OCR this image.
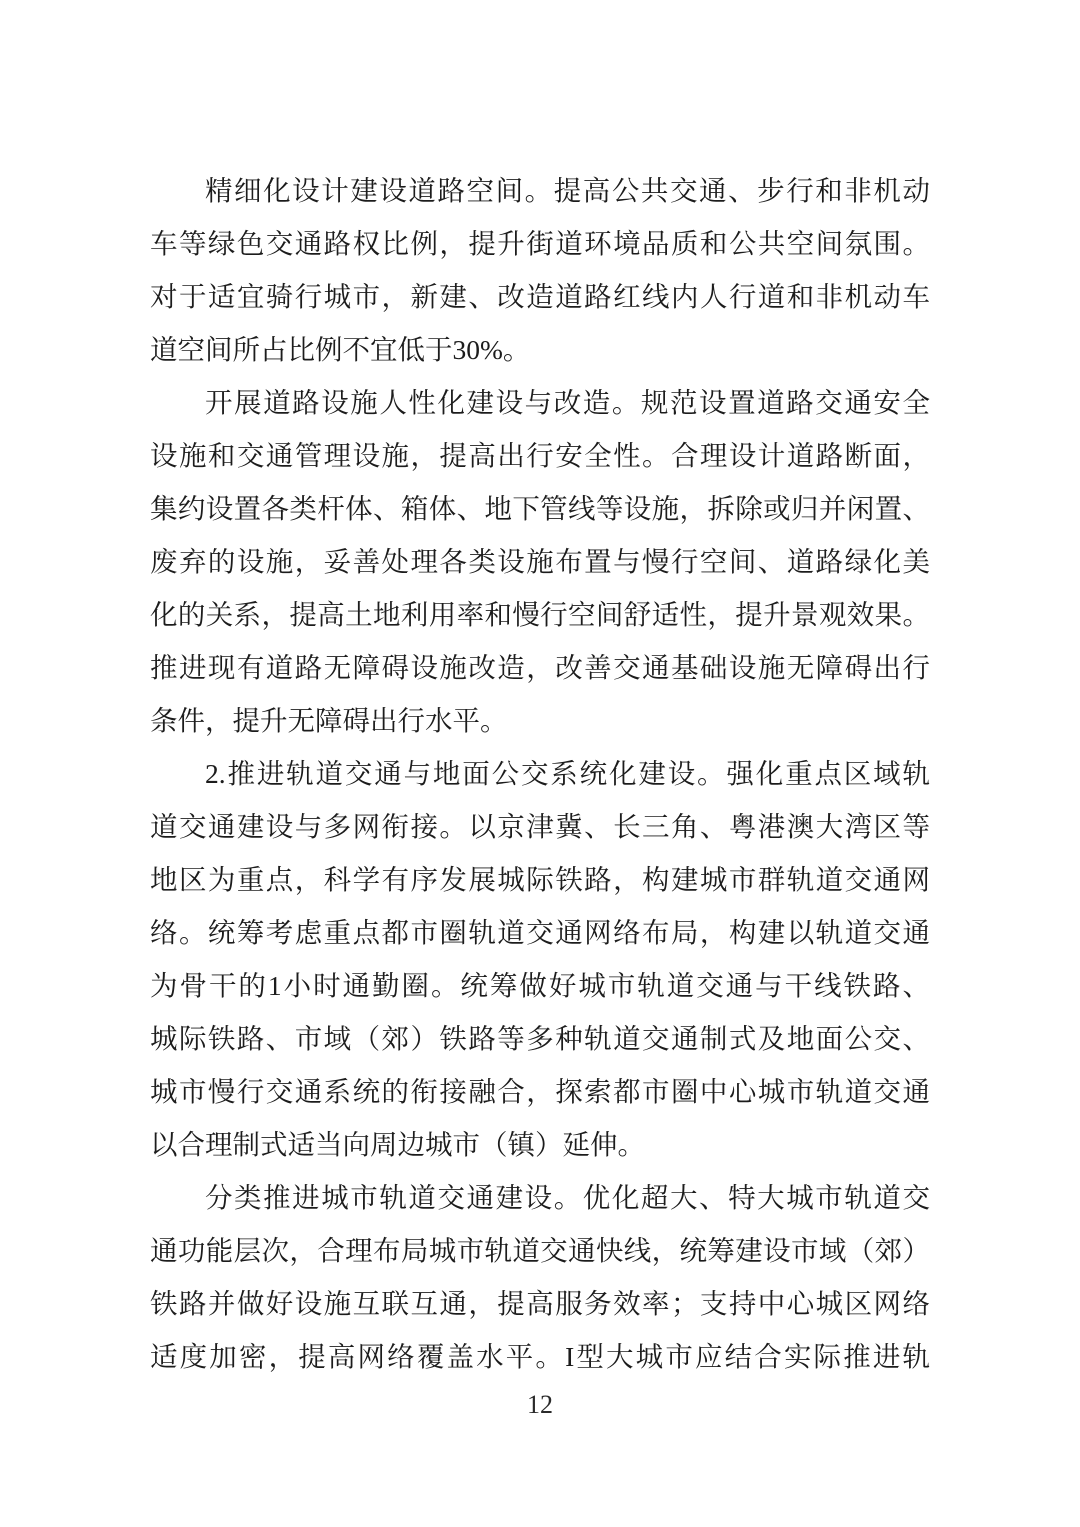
精细化设计建设道路空间。提高公共交通、步行和非机动
车等绿色交通路权比例，提升街道环境品质和公共空间氛围。
对于适宜骑行城市，新建、改造道路红线内人行道和非机动车
道空间所占比例不宜低于30%。
开展道路设施人性化建设与改造。规范设置道路交通安全
设施和交通管理设施，提高出行安全性。合理设计道路断面，
集约设置各类杆体、箱体、地下管线等设施，拆除或归并闲置、
废弃的设施，妥善处理各类设施布置与慢行空间、道路绿化美
化的关系，提高土地利用率和慢行空间舒适性，提升景观效果。
推进现有道路无障碍设施改造，改善交通基础设施无障碍出行
条件，提升无障碍出行水平。
2.推进轨道交通与地面公交系统化建设。强化重点区域轨
道交通建设与多网衔接。以京津冀、长三角、粤港澳大湾区等
地区为重点，科学有序发展城际铁路，构建城市群轨道交通网
络。统筹考虑重点都市圈轨道交通网络布局，构建以轨道交通
为骨干的1小时通勤圈。统筹做好城市轨道交通与干线铁路、
城际铁路、市域（郊）铁路等多种轨道交通制式及地面公交、
城市慢行交通系统的衔接融合，探索都市圈中心城市轨道交通
以合理制式适当向周边城市（镇）延伸。
分类推进城市轨道交通建设。优化超大、特大城市轨道交
通功能层次，合理布局城市轨道交通快线，统筹建设市域（郊）
铁路并做好设施互联互通，提高服务效率；支持中心城区网络
适度加密，提高网络覆盖水平。I型大城市应结合实际推进轨
12
